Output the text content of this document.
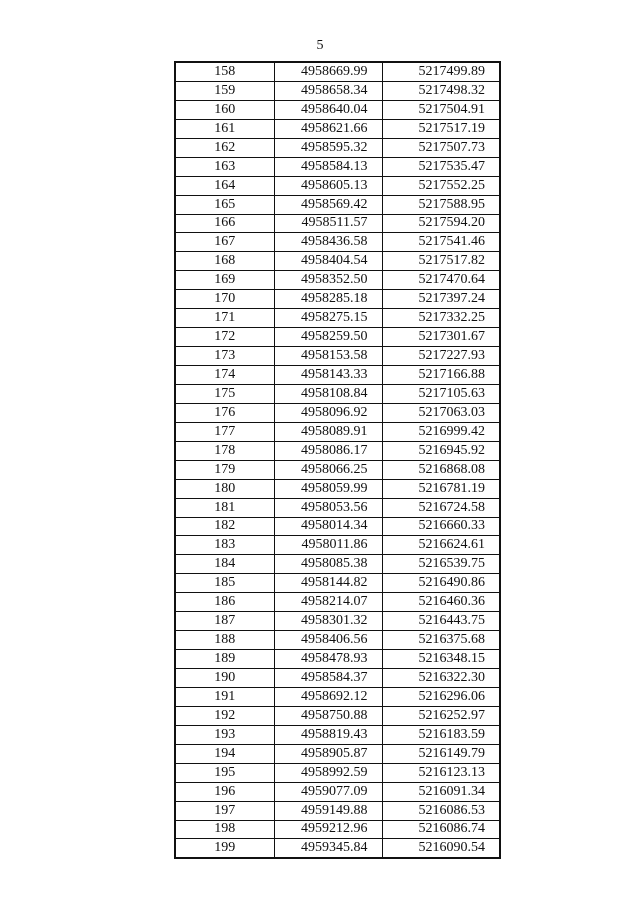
5
158	4958669.99	5217499.89
159	4958658.34	5217498.32
160	4958640.04	5217504.91
161	4958621.66	5217517.19
162	4958595.32	5217507.73
163	4958584.13	5217535.47
164	4958605.13	5217552.25
165	4958569.42	5217588.95
166	4958511.57	5217594.20
167	4958436.58	5217541.46
168	4958404.54	5217517.82
169	4958352.50	5217470.64
170	4958285.18	5217397.24
171	4958275.15	5217332.25
172	4958259.50	5217301.67
173	4958153.58	5217227.93
174	4958143.33	5217166.88
175	4958108.84	5217105.63
176	4958096.92	5217063.03
177	4958089.91	5216999.42
178	4958086.17	5216945.92
179	4958066.25	5216868.08
180	4958059.99	5216781.19
181	4958053.56	5216724.58
182	4958014.34	5216660.33
183	4958011.86	5216624.61
184	4958085.38	5216539.75
185	4958144.82	5216490.86
186	4958214.07	5216460.36
187	4958301.32	5216443.75
188	4958406.56	5216375.68
189	4958478.93	5216348.15
190	4958584.37	5216322.30
191	4958692.12	5216296.06
192	4958750.88	5216252.97
193	4958819.43	5216183.59
194	4958905.87	5216149.79
195	4958992.59	5216123.13
196	4959077.09	5216091.34
197	4959149.88	5216086.53
198	4959212.96	5216086.74
199	4959345.84	5216090.54
